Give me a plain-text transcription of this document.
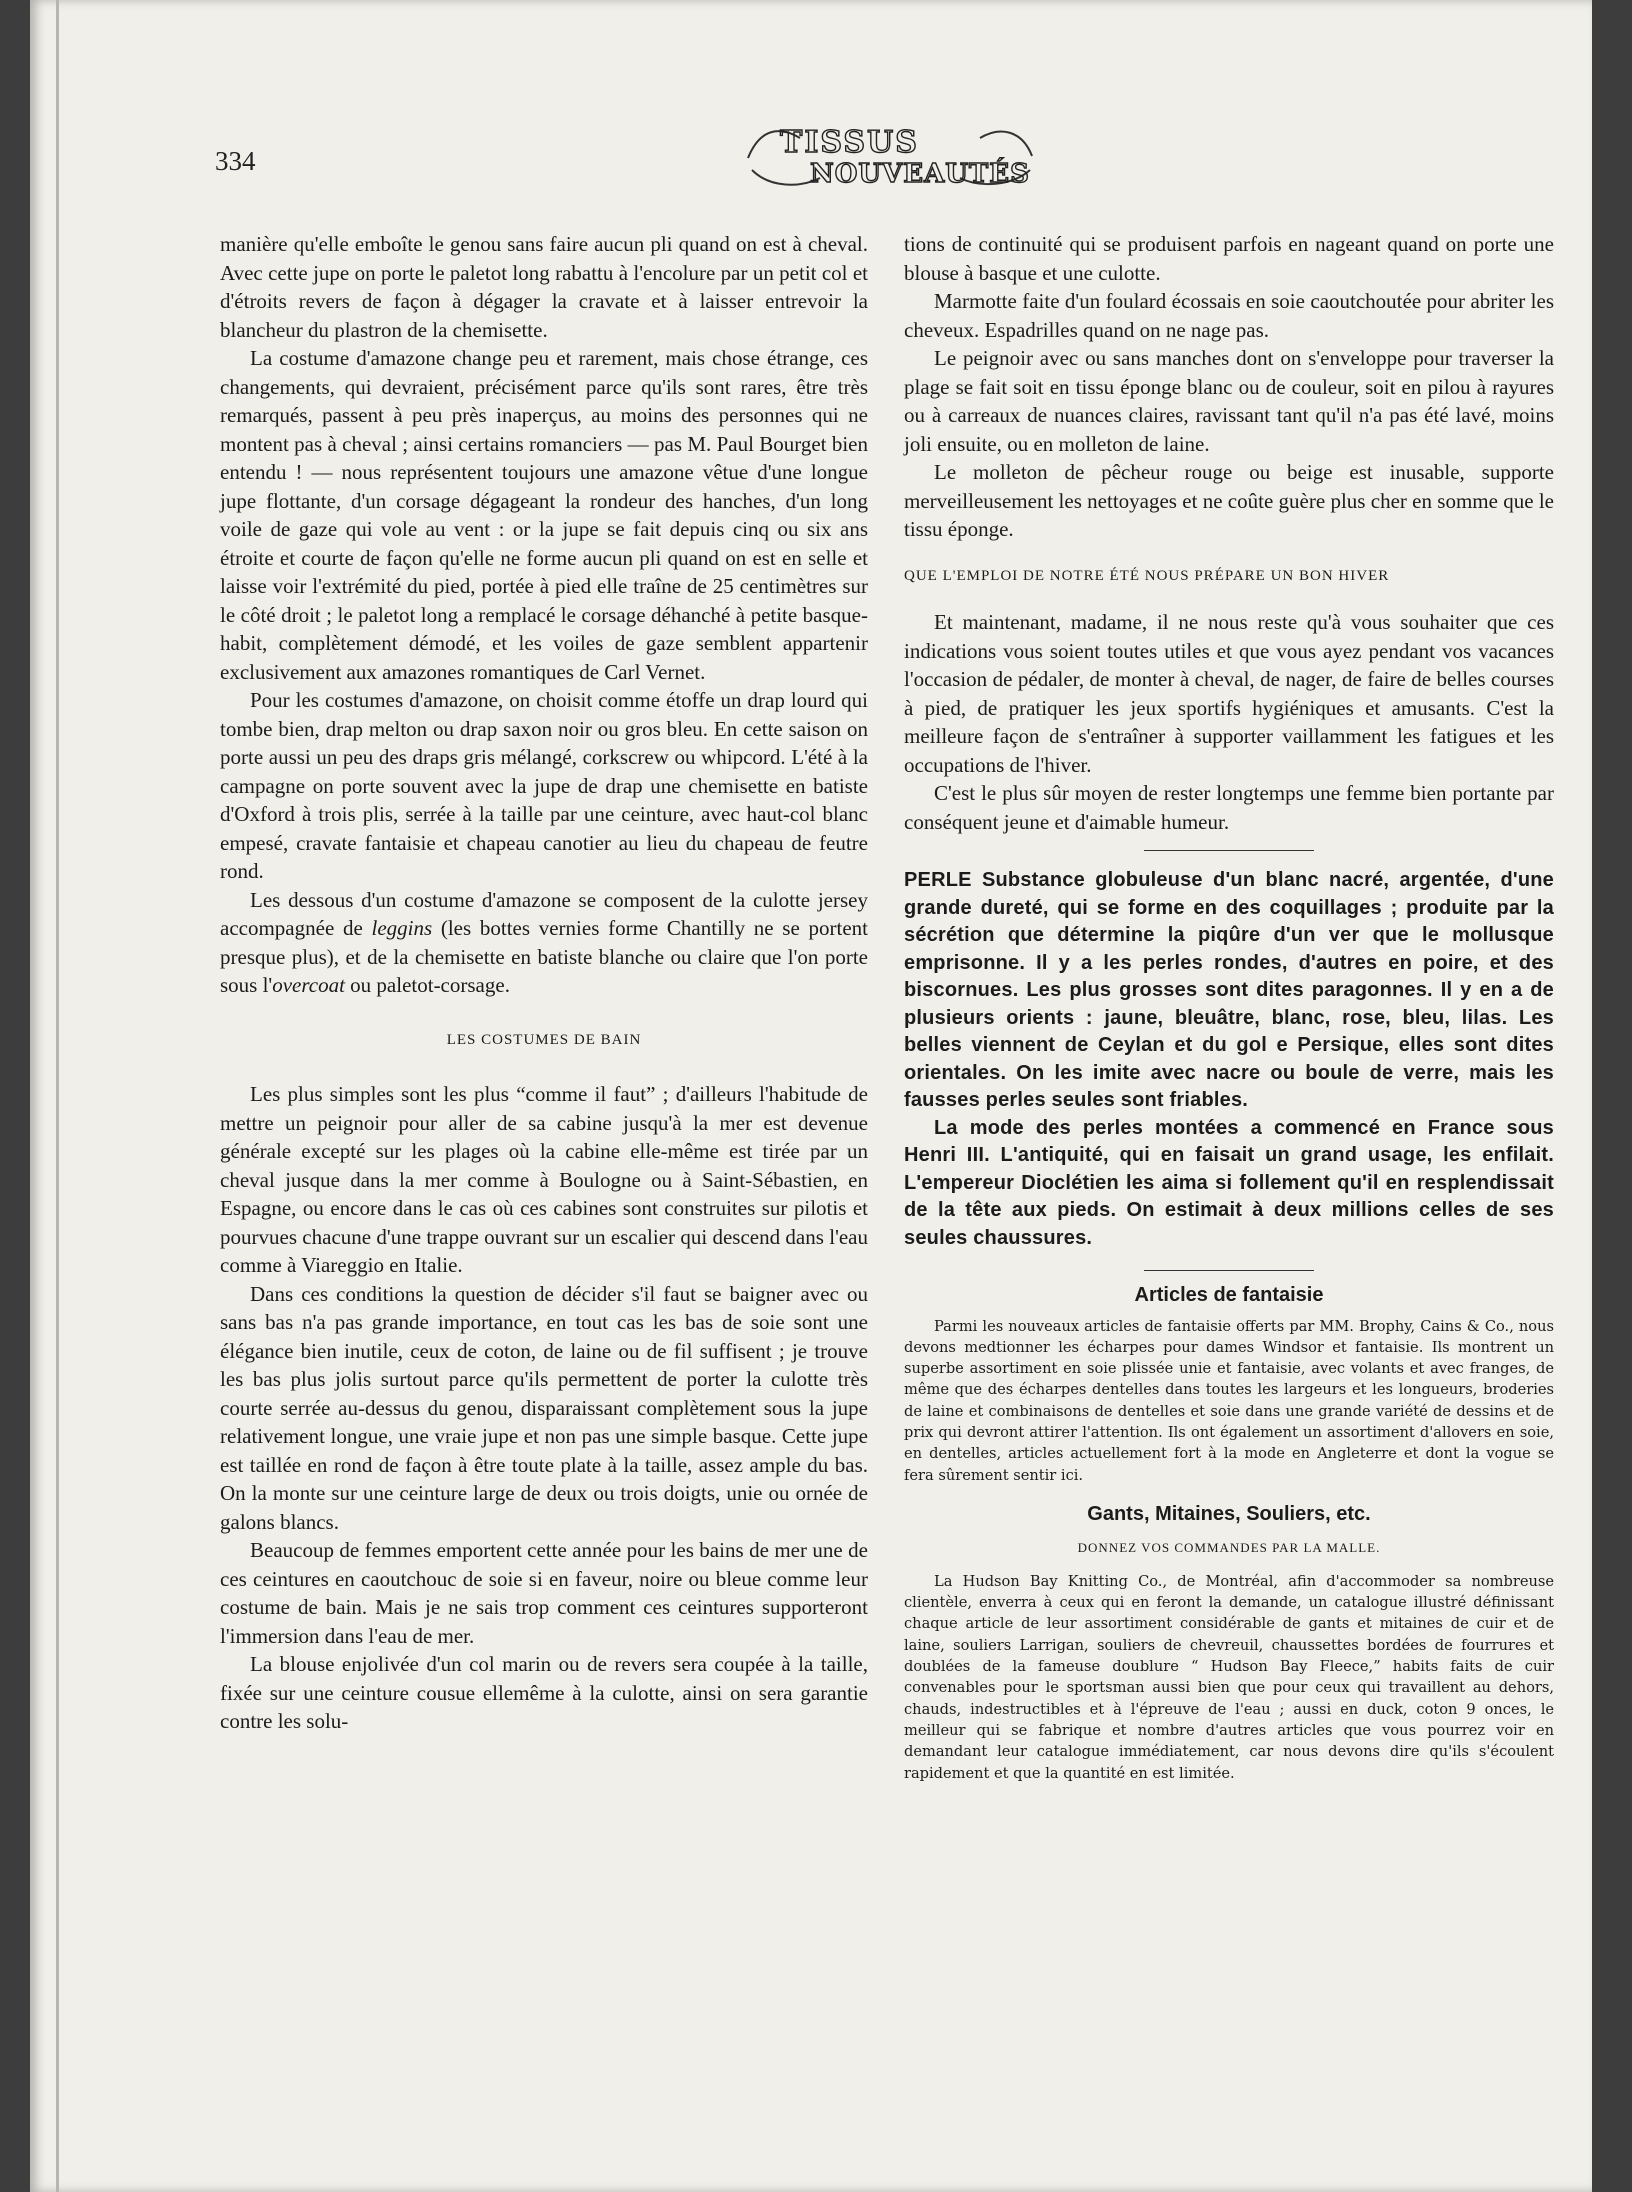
334
TISSUS
NOUVEAUTÉS

manière qu'elle emboîte le genou sans faire aucun pli quand on est à cheval. Avec cette jupe on porte le paletot long rabattu à l'encolure par un petit col et d'étroits revers de façon à dégager la cravate et à laisser entrevoir la blancheur du plastron de la chemisette.

La costume d'amazone change peu et rarement, mais chose étrange, ces changements, qui devraient, précisément parce qu'ils sont rares, être très remarqués, passent à peu près inaperçus, au moins des personnes qui ne montent pas à cheval ; ainsi certains romanciers — pas M. Paul Bourget bien entendu ! — nous représentent toujours une amazone vêtue d'une longue jupe flottante, d'un corsage dégageant la rondeur des hanches, d'un long voile de gaze qui vole au vent : or la jupe se fait depuis cinq ou six ans étroite et courte de façon qu'elle ne forme aucun pli quand on est en selle et laisse voir l'extrémité du pied, portée à pied elle traîne de 25 centimètres sur le côté droit ; le paletot long a remplacé le corsage déhanché à petite basque-habit, complètement démodé, et les voiles de gaze semblent appartenir exclusivement aux amazones romantiques de Carl Vernet.

Pour les costumes d'amazone, on choisit comme étoffe un drap lourd qui tombe bien, drap melton ou drap saxon noir ou gros bleu. En cette saison on porte aussi un peu des draps gris mélangé, corkscrew ou whipcord. L'été à la campagne on porte souvent avec la jupe de drap une chemisette en batiste d'Oxford à trois plis, serrée à la taille par une ceinture, avec haut-col blanc empesé, cravate fantaisie et chapeau canotier au lieu du chapeau de feutre rond.

Les dessous d'un costume d'amazone se composent de la culotte jersey accompagnée de leggins (les bottes vernies forme Chantilly ne se portent presque plus), et de la chemisette en batiste blanche ou claire que l'on porte sous l'overcoat ou paletot-corsage.

LES COSTUMES DE BAIN

Les plus simples sont les plus “comme il faut” ; d'ailleurs l'habitude de mettre un peignoir pour aller de sa cabine jusqu'à la mer est devenue générale excepté sur les plages où la cabine elle-même est tirée par un cheval jusque dans la mer comme à Boulogne ou à Saint-Sébastien, en Espagne, ou encore dans le cas où ces cabines sont construites sur pilotis et pourvues chacune d'une trappe ouvrant sur un escalier qui descend dans l'eau comme à Viareggio en Italie.

Dans ces conditions la question de décider s'il faut se baigner avec ou sans bas n'a pas grande importance, en tout cas les bas de soie sont une élégance bien inutile, ceux de coton, de laine ou de fil suffisent ; je trouve les bas plus jolis surtout parce qu'ils permettent de porter la culotte très courte serrée au-dessus du genou, disparaissant complètement sous la jupe relativement longue, une vraie jupe et non pas une simple basque. Cette jupe est taillée en rond de façon à être toute plate à la taille, assez ample du bas. On la monte sur une ceinture large de deux ou trois doigts, unie ou ornée de galons blancs.

Beaucoup de femmes emportent cette année pour les bains de mer une de ces ceintures en caoutchouc de soie si en faveur, noire ou bleue comme leur costume de bain. Mais je ne sais trop comment ces ceintures supporteront l'immersion dans l'eau de mer.

La blouse enjolivée d'un col marin ou de revers sera coupée à la taille, fixée sur une ceinture cousue ellemême à la culotte, ainsi on sera garantie contre les solu-

tions de continuité qui se produisent parfois en nageant quand on porte une blouse à basque et une culotte.

Marmotte faite d'un foulard écossais en soie caoutchoutée pour abriter les cheveux. Espadrilles quand on ne nage pas.

Le peignoir avec ou sans manches dont on s'enveloppe pour traverser la plage se fait soit en tissu éponge blanc ou de couleur, soit en pilou à rayures ou à carreaux de nuances claires, ravissant tant qu'il n'a pas été lavé, moins joli ensuite, ou en molleton de laine.

Le molleton de pêcheur rouge ou beige est inusable, supporte merveilleusement les nettoyages et ne coûte guère plus cher en somme que le tissu éponge.

QUE L'EMPLOI DE NOTRE ÉTÉ NOUS PRÉPARE UN BON HIVER

Et maintenant, madame, il ne nous reste qu'à vous souhaiter que ces indications vous soient toutes utiles et que vous ayez pendant vos vacances l'occasion de pédaler, de monter à cheval, de nager, de faire de belles courses à pied, de pratiquer les jeux sportifs hygiéniques et amusants. C'est la meilleure façon de s'entraîner à supporter vaillamment les fatigues et les occupations de l'hiver.

C'est le plus sûr moyen de rester longtemps une femme bien portante par conséquent jeune et d'aimable humeur.

PERLE Substance globuleuse d'un blanc nacré, argentée, d'une grande dureté, qui se forme en des coquillages ; produite par la sécrétion que détermine la piqûre d'un ver que le mollusque emprisonne. Il y a les perles rondes, d'autres en poire, et des biscornues. Les plus grosses sont dites paragonnes. Il y en a de plusieurs orients : jaune, bleuâtre, blanc, rose, bleu, lilas. Les belles viennent de Ceylan et du gol e Persique, elles sont dites orientales. On les imite avec nacre ou boule de verre, mais les fausses perles seules sont friables.

La mode des perles montées a commencé en France sous Henri III. L'antiquité, qui en faisait un grand usage, les enfilait. L'empereur Dioclétien les aima si follement qu'il en resplendissait de la tête aux pieds. On estimait à deux millions celles de ses seules chaussures.

Articles de fantaisie

Parmi les nouveaux articles de fantaisie offerts par MM. Brophy, Cains & Co., nous devons medtionner les écharpes pour dames Windsor et fantaisie. Ils montrent un superbe assortiment en soie plissée unie et fantaisie, avec volants et avec franges, de même que des écharpes dentelles dans toutes les largeurs et les longueurs, broderies de laine et combinaisons de dentelles et soie dans une grande variété de dessins et de prix qui devront attirer l'attention. Ils ont également un assortiment d'allovers en soie, en dentelles, articles actuellement fort à la mode en Angleterre et dont la vogue se fera sûrement sentir ici.

Gants, Mitaines, Souliers, etc.
DONNEZ VOS COMMANDES PAR LA MALLE.

La Hudson Bay Knitting Co., de Montréal, afin d'accommoder sa nombreuse clientèle, enverra à ceux qui en feront la demande, un catalogue illustré définissant chaque article de leur assortiment considérable de gants et mitaines de cuir et de laine, souliers Larrigan, souliers de chevreuil, chaussettes bordées de fourrures et doublées de la fameuse doublure “ Hudson Bay Fleece,” habits faits de cuir convenables pour le sportsman aussi bien que pour ceux qui travaillent au dehors, chauds, indestructibles et à l'épreuve de l'eau ; aussi en duck, coton 9 onces, le meilleur qui se fabrique et nombre d'autres articles que vous pourrez voir en demandant leur catalogue immédiatement, car nous devons dire qu'ils s'écoulent rapidement et que la quantité en est limitée.
